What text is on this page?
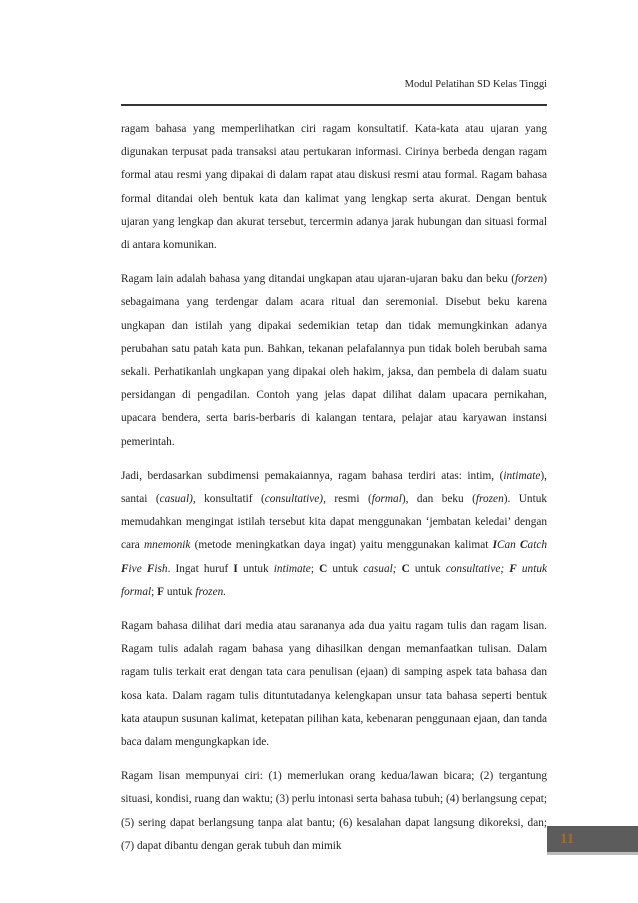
Modul Pelatihan SD Kelas Tinggi

ragam bahasa yang memperlihatkan ciri ragam konsultatif. Kata-kata atau ujaran yang digunakan terpusat pada transaksi atau pertukaran informasi. Cirinya berbeda dengan ragam formal atau resmi yang dipakai di dalam rapat atau diskusi resmi atau formal. Ragam bahasa formal ditandai oleh bentuk kata dan kalimat yang lengkap serta akurat. Dengan bentuk ujaran yang lengkap dan akurat tersebut, tercermin adanya jarak hubungan dan situasi formal di antara komunikan.

Ragam lain adalah bahasa yang ditandai ungkapan atau ujaran-ujaran baku dan beku (forzen) sebagaimana yang terdengar dalam acara ritual dan seremonial. Disebut beku karena ungkapan dan istilah yang dipakai sedemikian tetap dan tidak memungkinkan adanya perubahan satu patah kata pun. Bahkan, tekanan pelafalannya pun tidak boleh berubah sama sekali. Perhatikanlah ungkapan yang dipakai oleh hakim, jaksa, dan pembela di dalam suatu persidangan di pengadilan. Contoh yang jelas dapat dilihat dalam upacara pernikahan, upacara bendera, serta baris-berbaris di kalangan tentara, pelajar atau karyawan instansi pemerintah.

Jadi, berdasarkan subdimensi pemakaiannya, ragam bahasa terdiri atas: intim, (intimate), santai (casual), konsultatif (consultative), resmi (formal), dan beku (frozen). Untuk memudahkan mengingat istilah tersebut kita dapat menggunakan ‘jembatan keledai’ dengan cara mnemonik (metode meningkatkan daya ingat) yaitu menggunakan kalimat ICan Catch Five Fish. Ingat huruf I untuk intimate; C untuk casual; C untuk consultative; F untuk formal; F untuk frozen.

Ragam bahasa dilihat dari media atau sarananya ada dua yaitu ragam tulis dan ragam lisan. Ragam tulis adalah ragam bahasa yang dihasilkan dengan memanfaatkan tulisan. Dalam ragam tulis terkait erat dengan tata cara penulisan (ejaan) di samping aspek tata bahasa dan kosa kata. Dalam ragam tulis dituntutadanya kelengkapan unsur tata bahasa seperti bentuk kata ataupun susunan kalimat, ketepatan pilihan kata, kebenaran penggunaan ejaan, dan tanda baca dalam mengungkapkan ide.

Ragam lisan mempunyai ciri: (1) memerlukan orang kedua/lawan bicara; (2) tergantung situasi, kondisi, ruang dan waktu; (3) perlu intonasi serta bahasa tubuh; (4) berlangsung cepat; (5) sering dapat berlangsung tanpa alat bantu; (6) kesalahan dapat langsung dikoreksi, dan; (7) dapat dibantu dengan gerak tubuh dan mimik	11
